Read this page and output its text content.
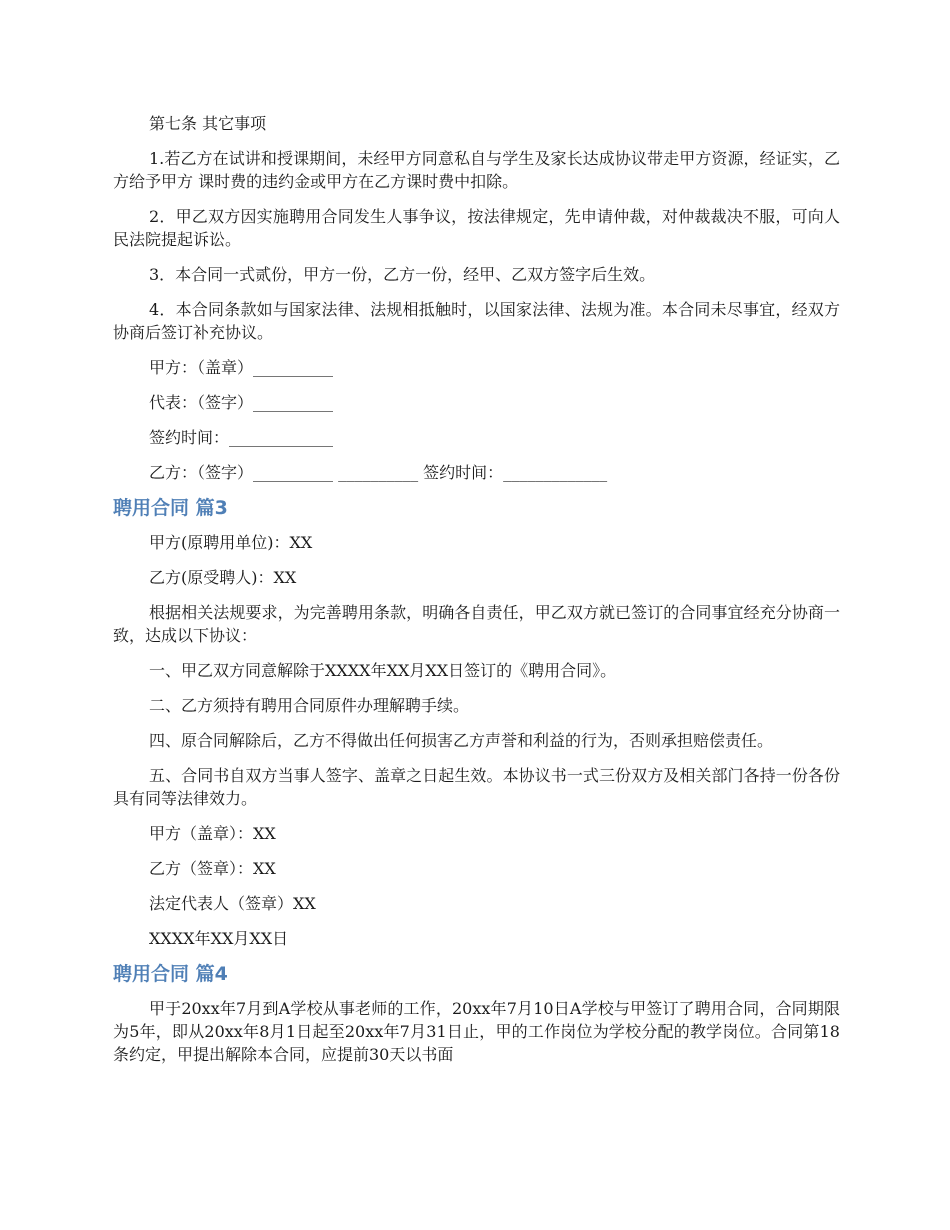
第七条 其它事项

1.若乙方在试讲和授课期间，未经甲方同意私自与学生及家长达成协议带走甲方资源，经证实，乙方给予甲方 课时费的违约金或甲方在乙方课时费中扣除。

2．甲乙双方因实施聘用合同发生人事争议，按法律规定，先申请仲裁，对仲裁裁决不服，可向人民法院提起诉讼。

3．本合同一式贰份，甲方一份，乙方一份，经甲、乙双方签字后生效。

4．本合同条款如与国家法律、法规相抵触时，以国家法律、法规为准。本合同未尽事宜，经双方协商后签订补充协议。

甲方：（盖章）__________

代表：（签字）__________

签约时间：_____________

乙方：（签字）__________ __________ 签约时间：_____________

聘用合同 篇3

甲方(原聘用单位)：XX

乙方(原受聘人)：XX

根据相关法规要求，为完善聘用条款，明确各自责任，甲乙双方就已签订的合同事宜经充分协商一致，达成以下协议：

一、甲乙双方同意解除于XXXX年XX月XX日签订的《聘用合同》。

二、乙方须持有聘用合同原件办理解聘手续。

四、原合同解除后，乙方不得做出任何损害乙方声誉和利益的行为，否则承担赔偿责任。

五、合同书自双方当事人签字、盖章之日起生效。本协议书一式三份双方及相关部门各持一份各份具有同等法律效力。

甲方（盖章）：XX

乙方（签章）：XX

法定代表人（签章）XX

XXXX年XX月XX日

聘用合同 篇4

甲于20xx年7月到A学校从事老师的工作，20xx年7月10日A学校与甲签订了聘用合同，合同期限为5年，即从20xx年8月1日起至20xx年7月31日止，甲的工作岗位为学校分配的教学岗位。合同第18条约定，甲提出解除本合同，应提前30天以书面
